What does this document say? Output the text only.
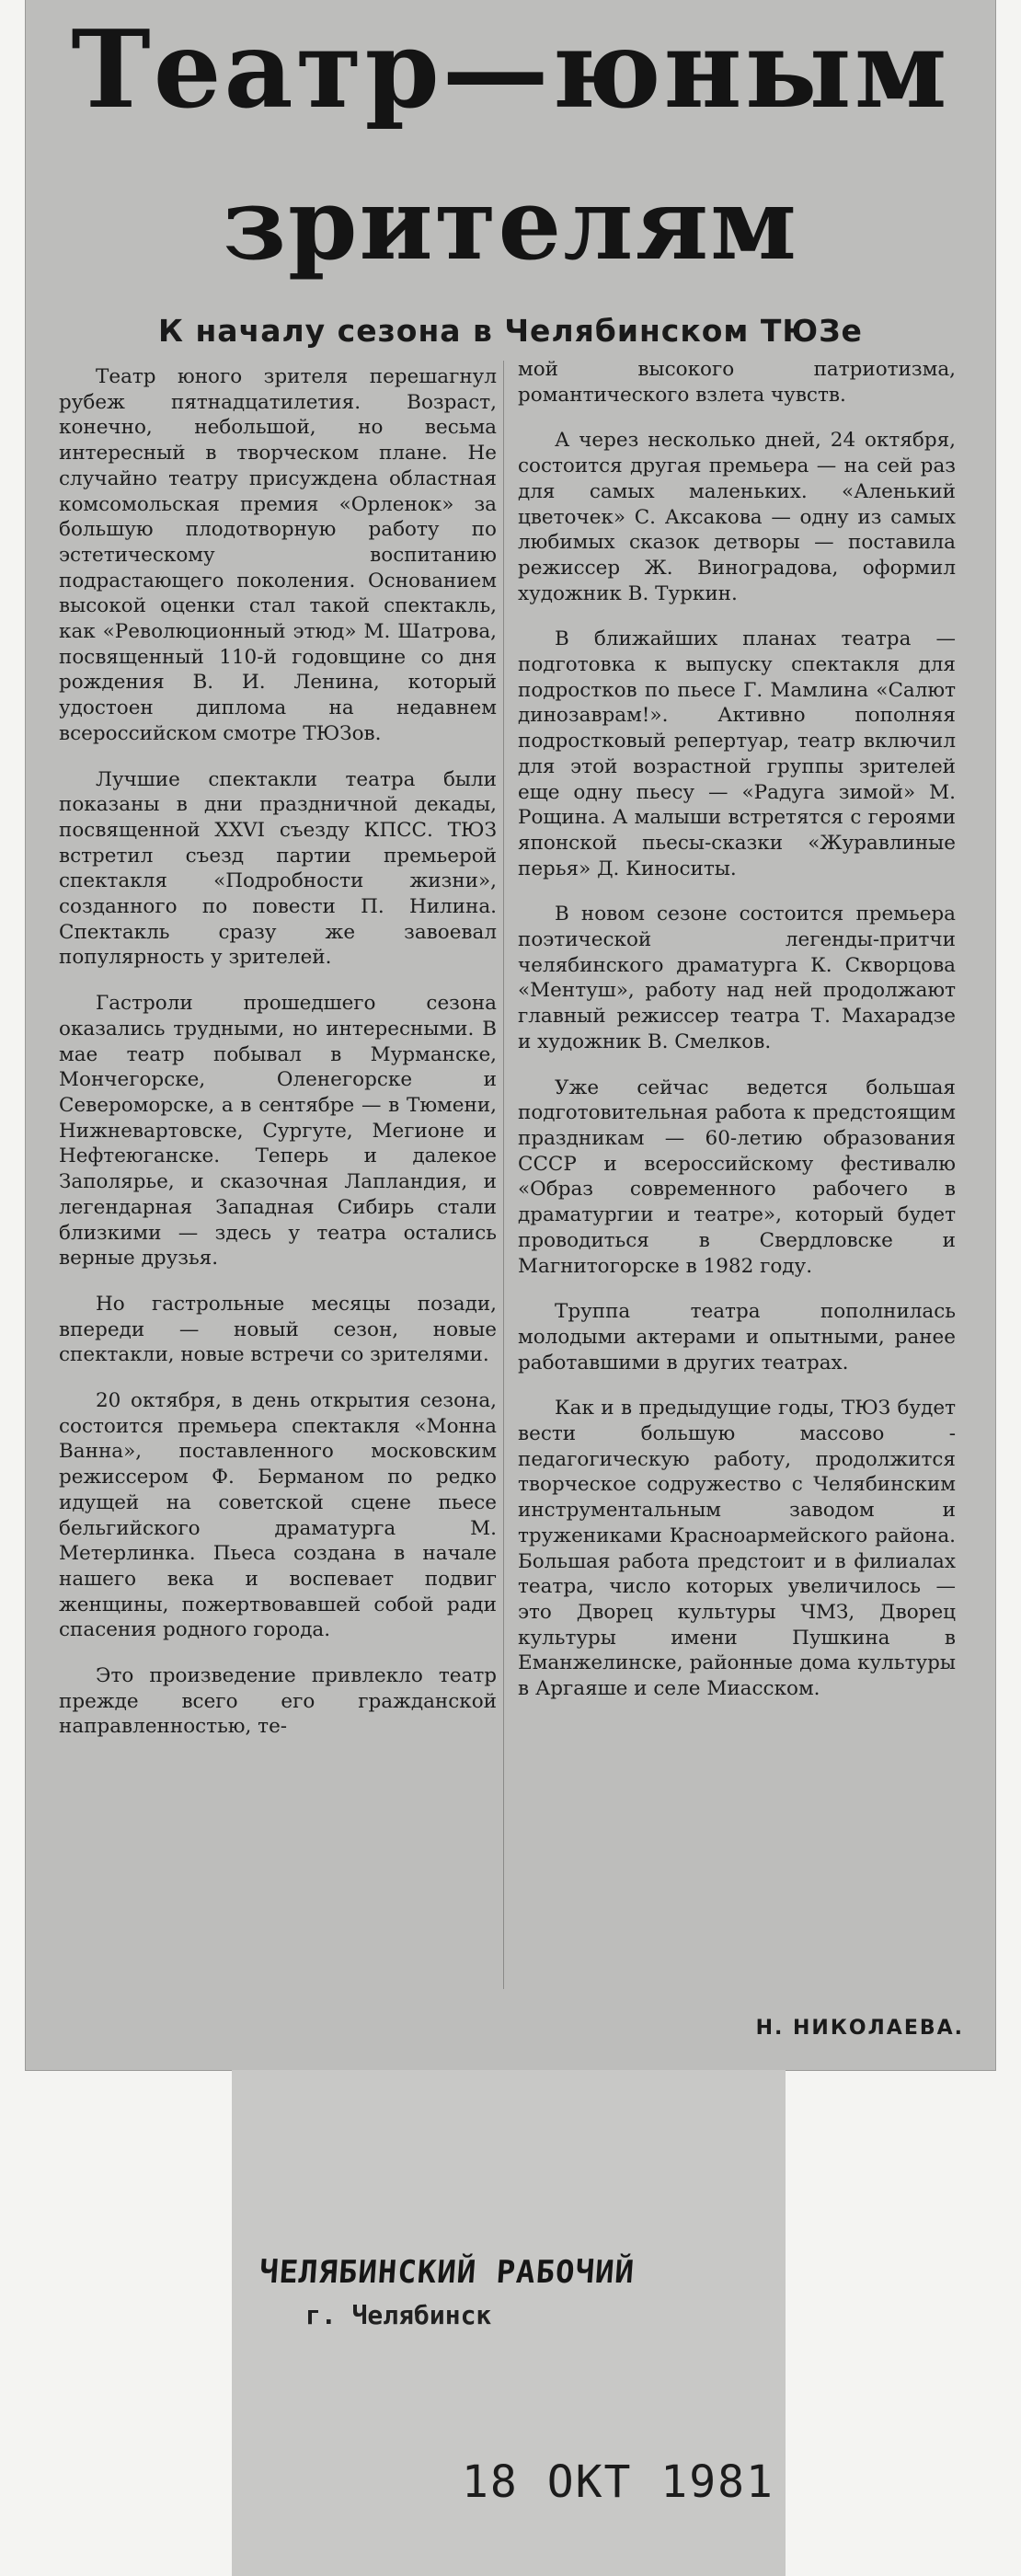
Театр—юным
зрителям
К началу сезона в Челябинском ТЮЗе

Театр юного зрителя перешагнул рубеж пятнадцатилетия. Возраст, конечно, небольшой, но весьма интересный в творческом плане. Не случайно театру присуждена областная комсомольская премия «Орленок» за большую плодотворную работу по эстетическому воспитанию подрастающего поколения. Основанием высокой оценки стал такой спектакль, как «Революционный этюд» М. Шатрова, посвященный 110-й годовщине со дня рождения В. И. Ленина, который удостоен диплома на недавнем всероссийском смотре ТЮЗов.

Лучшие спектакли театра были показаны в дни праздничной декады, посвященной XXVI съезду КПСС. ТЮЗ встретил съезд партии премьерой спектакля «Подробности жизни», созданного по повести П. Нилина. Спектакль сразу же завоевал популярность у зрителей.

Гастроли прошедшего сезона оказались трудными, но интересными. В мае театр побывал в Мурманске, Мончегорске, Оленегорске и Североморске, а в сентябре — в Тюмени, Нижневартовске, Сургуте, Мегионе и Нефтеюганске. Теперь и далекое Заполярье, и сказочная Лапландия, и легендарная Западная Сибирь стали близкими — здесь у театра остались верные друзья.

Но гастрольные месяцы позади, впереди — новый сезон, новые спектакли, новые встречи со зрителями.

20 октября, в день открытия сезона, состоится премьера спектакля «Монна Ванна», поставленного московским режиссером Ф. Берманом по редко идущей на советской сцене пьесе бельгийского драматурга М. Метерлинка. Пьеса создана в начале нашего века и воспевает подвиг женщины, пожертвовавшей собой ради спасения родного города.

Это произведение привлекло театр прежде всего его гражданской направленностью, те-

мой высокого патриотизма, романтического взлета чувств.

А через несколько дней, 24 октября, состоится другая премьера — на сей раз для самых маленьких. «Аленький цветочек» С. Аксакова — одну из самых любимых сказок детворы — поставила режиссер Ж. Виноградова, оформил художник В. Туркин.

В ближайших планах театра — подготовка к выпуску спектакля для подростков по пьесе Г. Мамлина «Салют динозаврам!». Активно пополняя подростковый репертуар, театр включил для этой возрастной группы зрителей еще одну пьесу — «Радуга зимой» М. Рощина. А малыши встретятся с героями японской пьесы-сказки «Журавлиные перья» Д. Киноситы.

В новом сезоне состоится премьера поэтической легенды-притчи челябинского драматурга К. Скворцова «Ментуш», работу над ней продолжают главный режиссер театра Т. Махарадзе и художник В. Смелков.

Уже сейчас ведется большая подготовительная работа к предстоящим праздникам — 60-летию образования СССР и всероссийскому фестивалю «Образ современного рабочего в драматургии и театре», который будет проводиться в Свердловске и Магнитогорске в 1982 году.

Труппа театра пополнилась молодыми актерами и опытными, ранее работавшими в других театрах.

Как и в предыдущие годы, ТЮЗ будет вести большую массово - педагогическую работу, продолжится творческое содружество с Челябинским инструментальным заводом и тружениками Красноармейского района. Большая работа предстоит и в филиалах театра, число которых увеличилось — это Дворец культуры ЧМЗ, Дворец культуры имени Пушкина в Еманжелинске, районные дома культуры в Аргаяше и селе Миасском.

Н. НИКОЛАЕВА.
ЧЕЛЯБИНСКИЙ РАБОЧИЙ
г. Челябинск
18 ОКТ 1981
